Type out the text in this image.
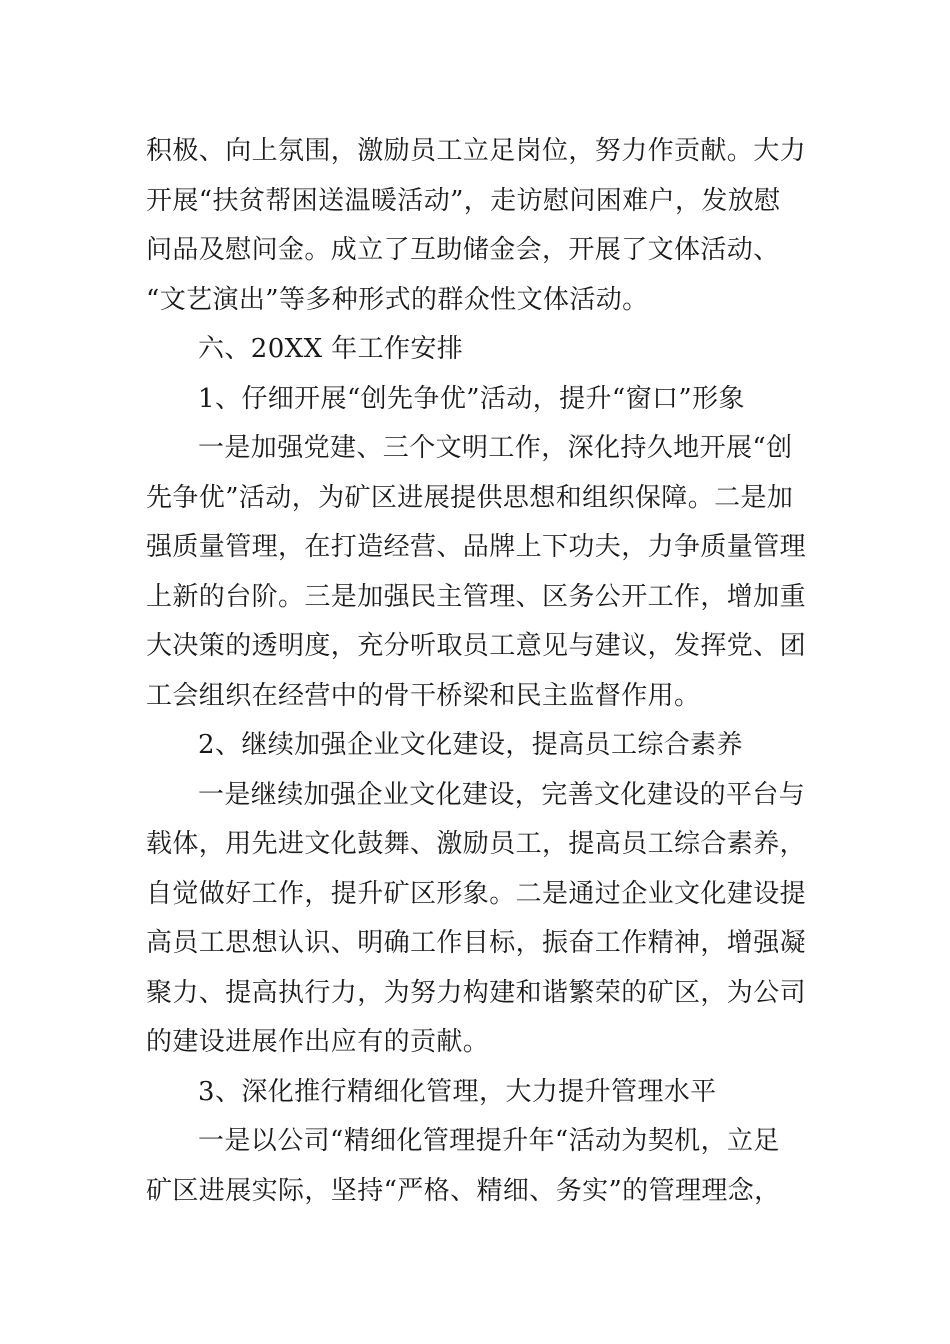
积极、向上氛围，激励员工立足岗位，努力作贡献。大力
开展“扶贫帮困送温暖活动”，走访慰问困难户，发放慰
问品及慰问金。成立了互助储金会，开展了文体活动、
“文艺演出”等多种形式的群众性文体活动。
六、20XX 年工作安排
1、仔细开展“创先争优”活动，提升“窗口”形象
一是加强党建、三个文明工作，深化持久地开展“创
先争优”活动，为矿区进展提供思想和组织保障。二是加
强质量管理，在打造经营、品牌上下功夫，力争质量管理
上新的台阶。三是加强民主管理、区务公开工作，增加重
大决策的透明度，充分听取员工意见与建议，发挥党、团
工会组织在经营中的骨干桥梁和民主监督作用。
2、继续加强企业文化建设，提高员工综合素养
一是继续加强企业文化建设，完善文化建设的平台与
载体，用先进文化鼓舞、激励员工，提高员工综合素养，
自觉做好工作，提升矿区形象。二是通过企业文化建设提
高员工思想认识、明确工作目标，振奋工作精神，增强凝
聚力、提高执行力，为努力构建和谐繁荣的矿区，为公司
的建设进展作出应有的贡献。
3、深化推行精细化管理，大力提升管理水平
一是以公司“精细化管理提升年“活动为契机，立足
矿区进展实际，坚持“严格、精细、务实”的管理理念，
